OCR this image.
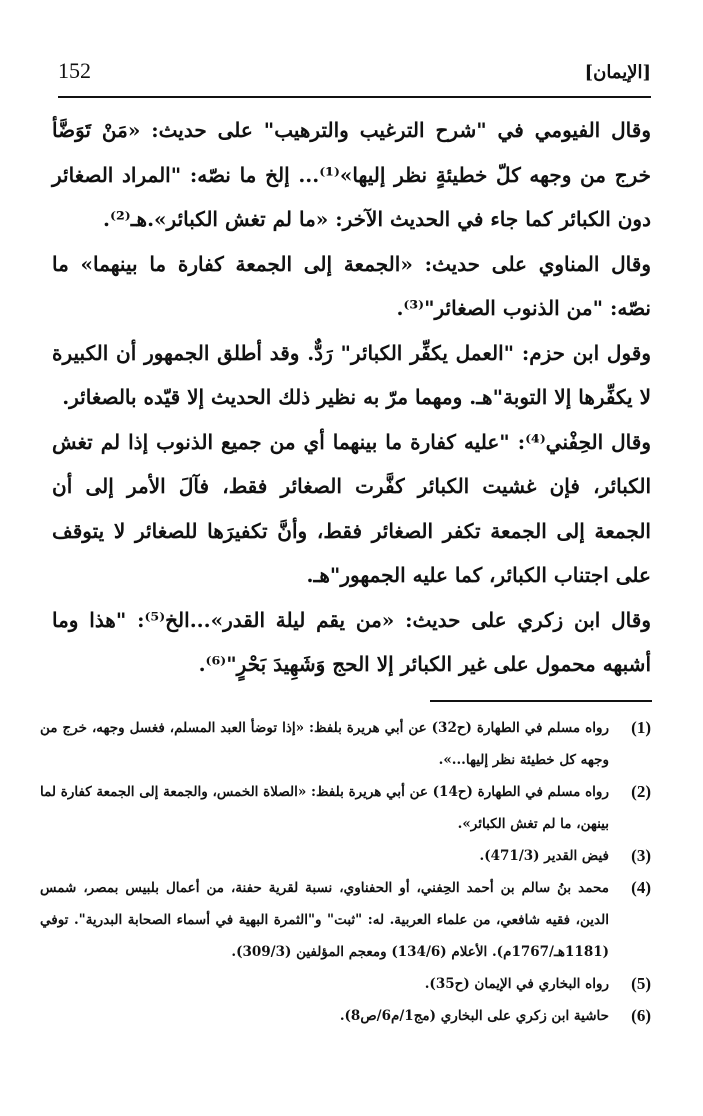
152	[الإيمان]

وقال الفيومي في "شرح الترغيب والترهيب" على حديث: «مَنْ تَوَضَّأ خرج من وجهه كلّ خطيئةٍ نظر إليها»⁽¹⁾... إلخ ما نصّه: "المراد الصغائر دون الكبائر كما جاء في الحديث الآخر: «ما لم تغش الكبائر».هـ⁽²⁾.

وقال المناوي على حديث: «الجمعة إلى الجمعة كفارة ما بينهما» ما نصّه: "من الذنوب الصغائر"⁽³⁾.

وقول ابن حزم: "العمل يكفِّر الكبائر" رَدٌّ. وقد أطلق الجمهور أن الكبيرة لا يكفِّرها إلا التوبة"هـ. ومهما مرّ به نظير ذلك الحديث إلا قيّده بالصغائر.

وقال الحِفْني⁽⁴⁾: "عليه كفارة ما بينهما أي من جميع الذنوب إذا لم تغش الكبائر، فإن غشيت الكبائر كفَّرت الصغائر فقط، فآلَ الأمر إلى أن الجمعة إلى الجمعة تكفر الصغائر فقط، وأنَّ تكفيرَها للصغائر لا يتوقف على اجتناب الكبائر، كما عليه الجمهور"هـ.

وقال ابن زكري على حديث: «من يقم ليلة القدر»...الخ⁽⁵⁾: "هذا وما أشبهه محمول على غير الكبائر إلا الحج وَشَهِيدَ بَحْرٍ"⁽⁶⁾.

(1)
رواه مسلم في الطهارة (ح32) عن أبي هريرة بلفظ: «إذا توضأ العبد المسلم، فغسل وجهه، خرج من وجهه كل خطيئة نظر إليها...».
(2)
رواه مسلم في الطهارة (ح14) عن أبي هريرة بلفظ: «الصلاة الخمس، والجمعة إلى الجمعة كفارة لما بينهن، ما لم تغش الكبائر».
(3)
فيض القدير (471/3).
(4)
محمد بنُ سالم بن أحمد الحِفني، أو الحفناوي، نسبة لقرية حفنة، من أعمال بلبيس بمصر، شمس الدين، فقيه شافعي، من علماء العربية. له: "ثبت" و"الثمرة البهية في أسماء الصحابة البدرية". توفي (1181هـ/1767م). الأعلام (134/6) ومعجم المؤلفين (309/3).
(5)
رواه البخاري في الإيمان (ح35).
(6)
حاشية ابن زكري على البخاري (مج1/م6/ص8).
